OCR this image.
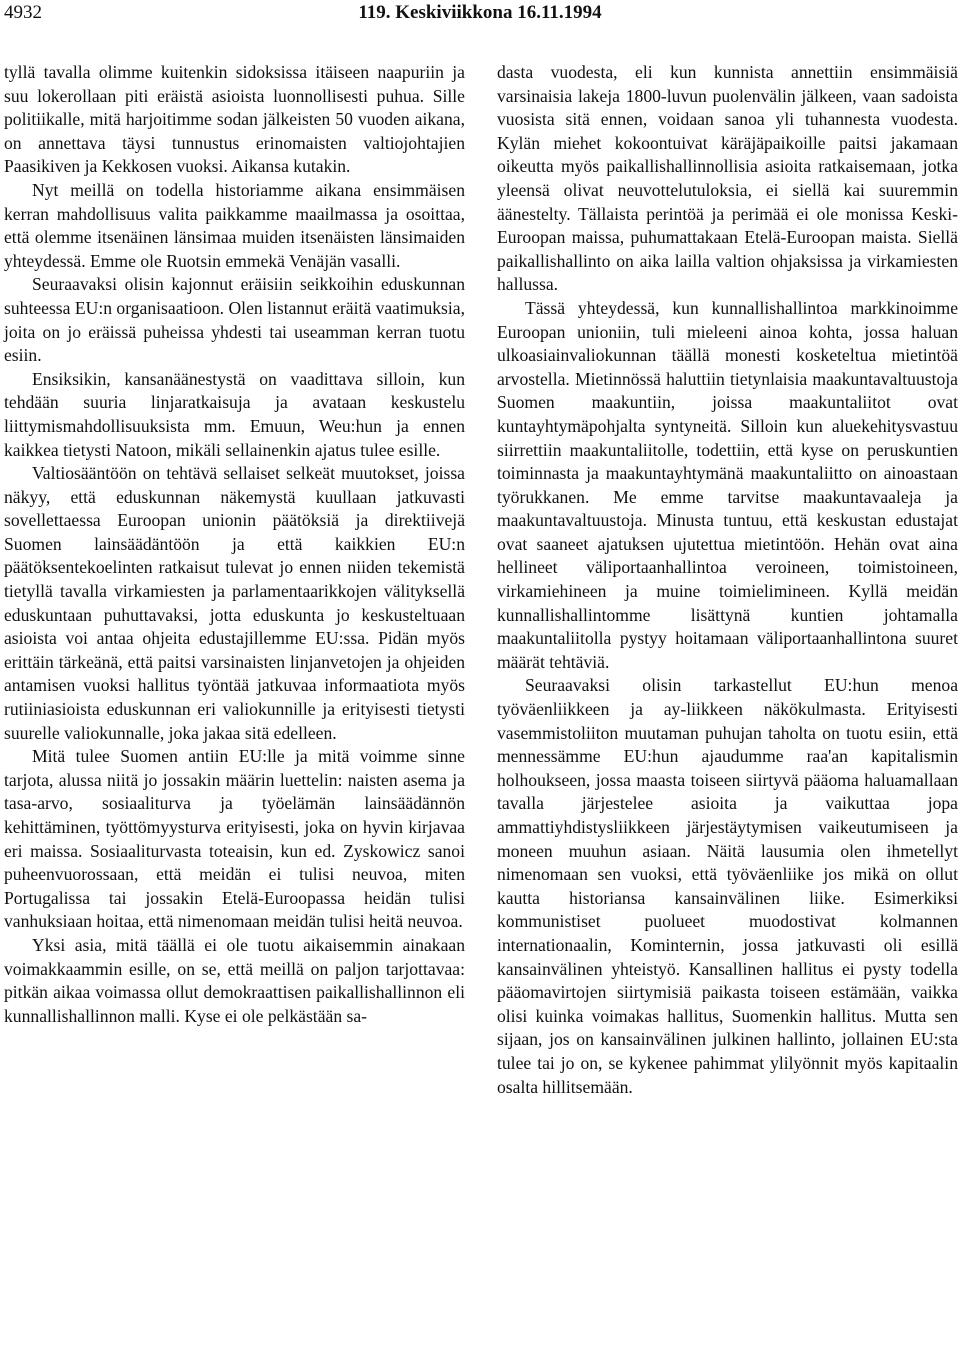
4932	119. Keskiviikkona 16.11.1994

tyllä tavalla olimme kuitenkin sidoksissa itäiseen naapuriin ja suu lokerollaan piti eräistä asioista luonnollisesti puhua. Sille politiikalle, mitä harjoitimme sodan jälkeisten 50 vuoden aikana, on annettava täysi tunnustus erinomaisten valtiojohtajien Paasikiven ja Kekkosen vuoksi. Aikansa kutakin.

Nyt meillä on todella historiamme aikana ensimmäisen kerran mahdollisuus valita paikkamme maailmassa ja osoittaa, että olemme itsenäinen länsimaa muiden itsenäisten länsimaiden yhteydessä. Emme ole Ruotsin emmekä Venäjän vasalli.

Seuraavaksi olisin kajonnut eräisiin seikkoihin eduskunnan suhteessa EU:n organisaatioon. Olen listannut eräitä vaatimuksia, joita on jo eräissä puheissa yhdesti tai useamman kerran tuotu esiin.

Ensiksikin, kansanäänestystä on vaadittava silloin, kun tehdään suuria linjaratkaisuja ja avataan keskustelu liittymismahdollisuuksista mm. Emuun, Weu:hun ja ennen kaikkea tietysti Natoon, mikäli sellainenkin ajatus tulee esille.

Valtiosääntöön on tehtävä sellaiset selkeät muutokset, joissa näkyy, että eduskunnan näkemystä kuullaan jatkuvasti sovellettaessa Euroopan unionin päätöksiä ja direktiivejä Suomen lainsäädäntöön ja että kaikkien EU:n päätöksentekoelinten ratkaisut tulevat jo ennen niiden tekemistä tietyllä tavalla virkamiesten ja parlamentaarikkojen välityksellä eduskuntaan puhuttavaksi, jotta eduskunta jo keskusteltuaan asioista voi antaa ohjeita edustajillemme EU:ssa. Pidän myös erittäin tärkeänä, että paitsi varsinaisten linjanvetojen ja ohjeiden antamisen vuoksi hallitus työntää jatkuvaa informaatiota myös rutiiniasioista eduskunnan eri valiokunnille ja erityisesti tietysti suurelle valiokunnalle, joka jakaa sitä edelleen.

Mitä tulee Suomen antiin EU:lle ja mitä voimme sinne tarjota, alussa niitä jo jossakin määrin luettelin: naisten asema ja tasa-arvo, sosiaaliturva ja työelämän lainsäädännön kehittäminen, työttömyysturva erityisesti, joka on hyvin kirjavaa eri maissa. Sosiaaliturvasta toteaisin, kun ed. Zyskowicz sanoi puheenvuorossaan, että meidän ei tulisi neuvoa, miten Portugalissa tai jossakin Etelä-Euroopassa heidän tulisi vanhuksiaan hoitaa, että nimenomaan meidän tulisi heitä neuvoa.

Yksi asia, mitä täällä ei ole tuotu aikaisemmin ainakaan voimakkaammin esille, on se, että meillä on paljon tarjottavaa: pitkän aikaa voimassa ollut demokraattisen paikallishallinnon eli kunnallishallinnon malli. Kyse ei ole pelkästään sa-

dasta vuodesta, eli kun kunnista annettiin ensimmäisiä varsinaisia lakeja 1800-luvun puolenvälin jälkeen, vaan sadoista vuosista sitä ennen, voidaan sanoa yli tuhannesta vuodesta. Kylän miehet kokoontuivat käräjäpaikoille paitsi jakamaan oikeutta myös paikallishallinnollisia asioita ratkaisemaan, jotka yleensä olivat neuvottelutuloksia, ei siellä kai suuremmin äänestelty. Tällaista perintöä ja perimää ei ole monissa Keski-Euroopan maissa, puhumattakaan Etelä-Euroopan maista. Siellä paikallishallinto on aika lailla valtion ohjaksissa ja virkamiesten hallussa.

Tässä yhteydessä, kun kunnallishallintoa markkinoimme Euroopan unioniin, tuli mieleeni ainoa kohta, jossa haluan ulkoasiainvaliokunnan täällä monesti kosketeltua mietintöä arvostella. Mietinnössä haluttiin tietynlaisia maakuntavaltuustoja Suomen maakuntiin, joissa maakuntaliitot ovat kuntayhtymäpohjalta syntyneitä. Silloin kun aluekehitysvastuu siirrettiin maakuntaliitolle, todettiin, että kyse on peruskuntien toiminnasta ja maakuntayhtymänä maakuntaliitto on ainoastaan työrukkanen. Me emme tarvitse maakuntavaaleja ja maakuntavaltuustoja. Minusta tuntuu, että keskustan edustajat ovat saaneet ajatuksen ujutettua mietintöön. Hehän ovat aina hellineet väliportaanhallintoa veroineen, toimistoineen, virkamiehineen ja muine toimielimineen. Kyllä meidän kunnallishallintomme lisättynä kuntien johtamalla maakuntaliitolla pystyy hoitamaan väliportaanhallintona suuret määrät tehtäviä.

Seuraavaksi olisin tarkastellut EU:hun menoa työväenliikkeen ja ay-liikkeen näkökulmasta. Erityisesti vasemmistoliiton muutaman puhujan taholta on tuotu esiin, että mennessämme EU:hun ajaudumme raa'an kapitalismin holhoukseen, jossa maasta toiseen siirtyvä pääoma haluamallaan tavalla järjestelee asioita ja vaikuttaa jopa ammattiyhdistysliikkeen järjestäytymisen vaikeutumiseen ja moneen muuhun asiaan. Näitä lausumia olen ihmetellyt nimenomaan sen vuoksi, että työväenliike jos mikä on ollut kautta historiansa kansainvälinen liike. Esimerkiksi kommunistiset puolueet muodostivat kolmannen internationaalin, Kominternin, jossa jatkuvasti oli esillä kansainvälinen yhteistyö. Kansallinen hallitus ei pysty todella pääomavirtojen siirtymisiä paikasta toiseen estämään, vaikka olisi kuinka voimakas hallitus, Suomenkin hallitus. Mutta sen sijaan, jos on kansainvälinen julkinen hallinto, jollainen EU:sta tulee tai jo on, se kykenee pahimmat ylilyönnit myös kapitaalin osalta hillitsemään.
